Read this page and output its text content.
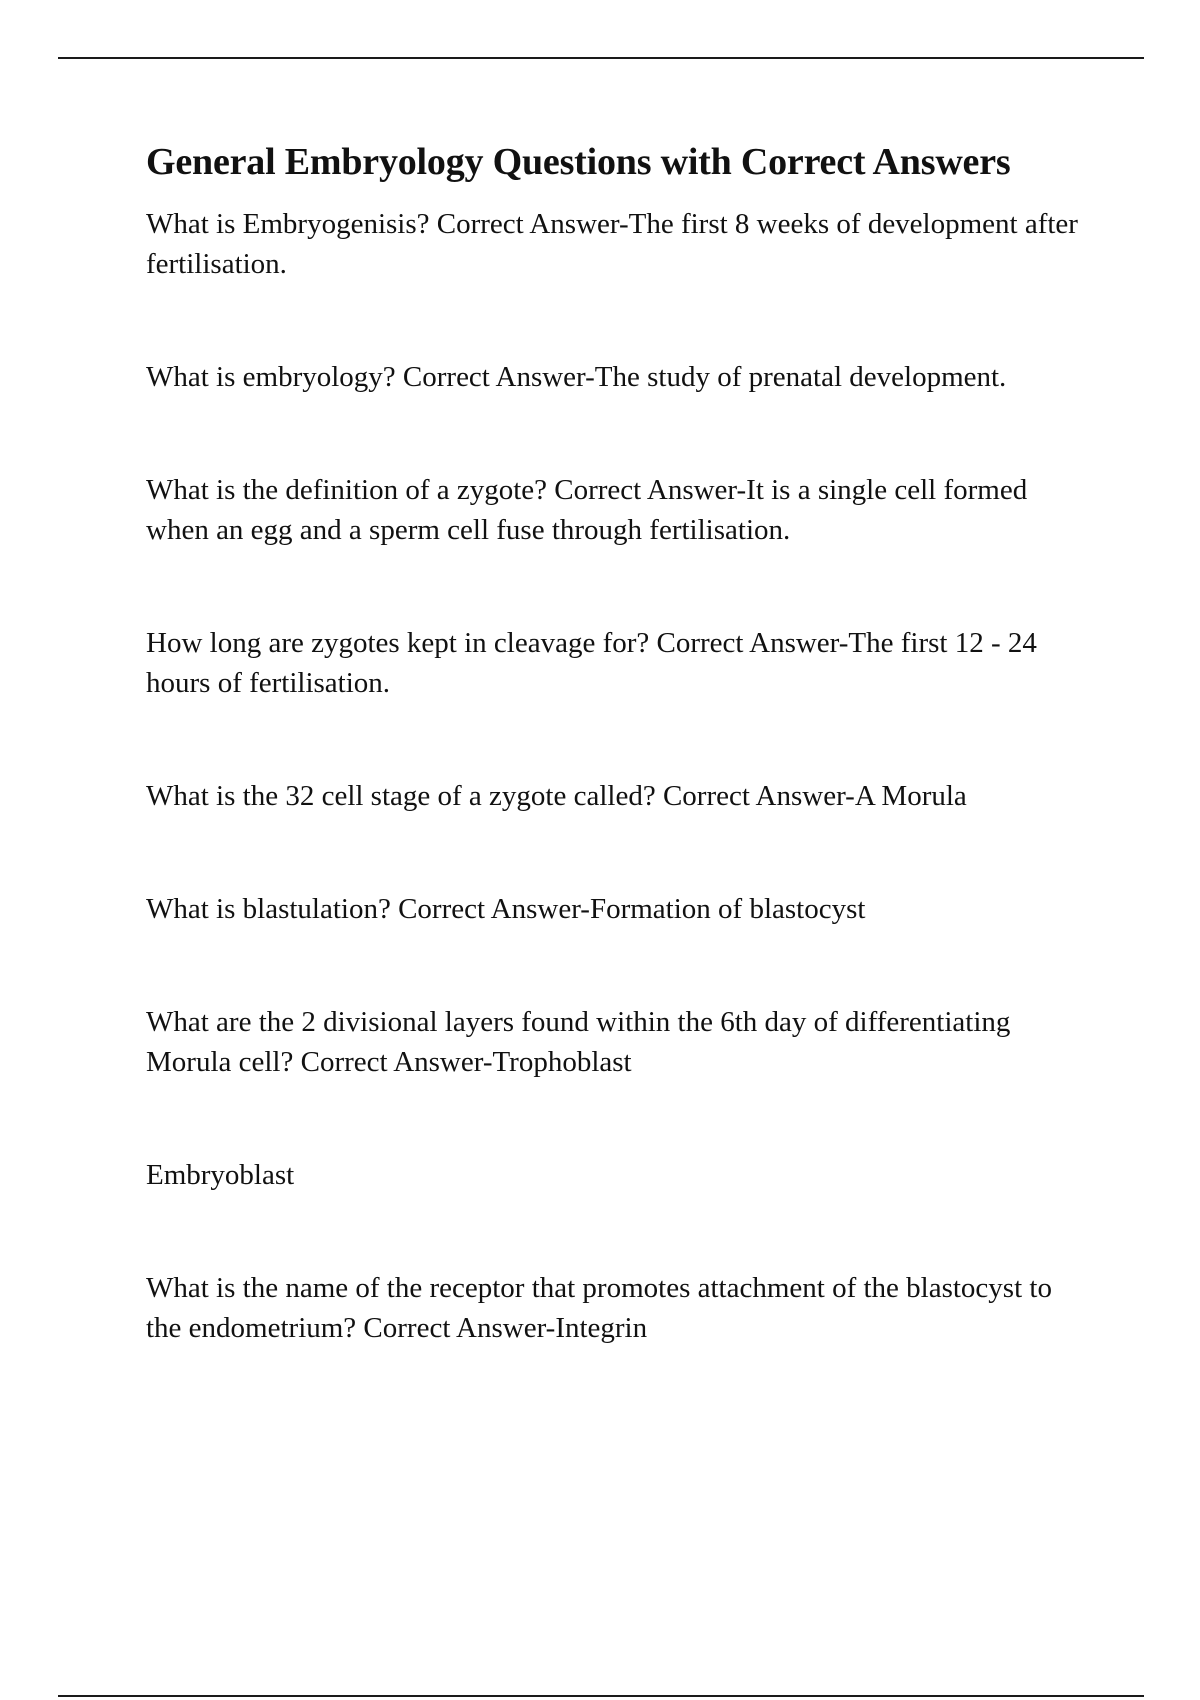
General Embryology Questions with Correct Answers
What is Embryogenisis? Correct Answer-The first 8 weeks of development after fertilisation.
What is embryology? Correct Answer-The study of prenatal development.
What is the definition of a zygote? Correct Answer-It is a single cell formed when an egg and a sperm cell fuse through fertilisation.
How long are zygotes kept in cleavage for? Correct Answer-The first 12 - 24 hours of fertilisation.
What is the 32 cell stage of a zygote called? Correct Answer-A Morula
What is blastulation? Correct Answer-Formation of blastocyst
What are the 2 divisional layers found within the 6th day of differentiating Morula cell? Correct Answer-Trophoblast
Embryoblast
What is the name of the receptor that promotes attachment of the blastocyst to the endometrium? Correct Answer-Integrin
